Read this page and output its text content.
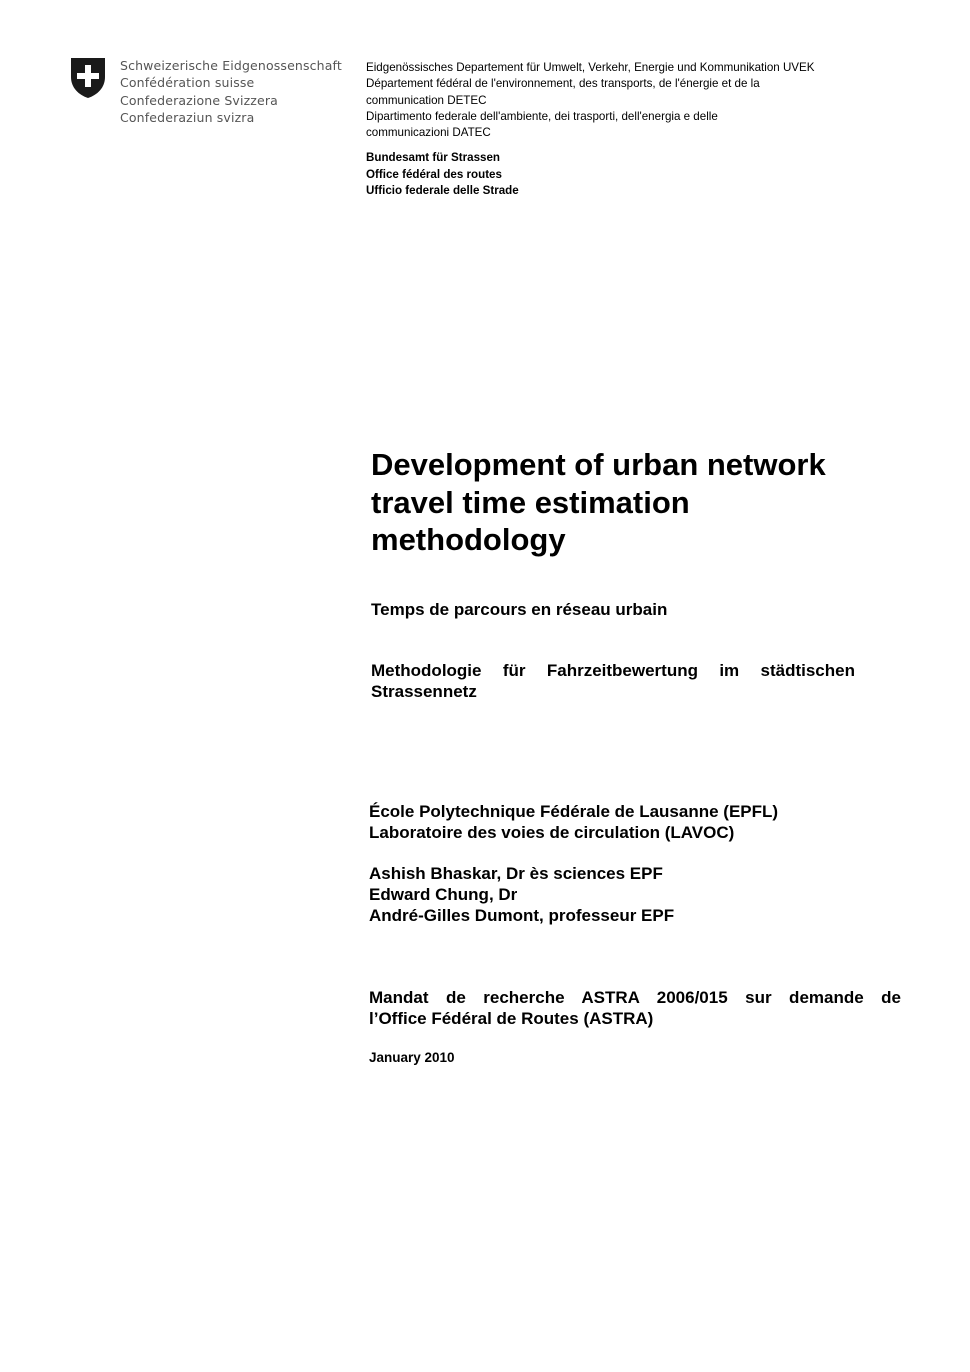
Schweizerische Eidgenossenschaft
Confédération suisse
Confederazione Svizzera
Confederaziun svizra
Eidgenössisches Departement für Umwelt, Verkehr, Energie und Kommunikation UVEK
Département fédéral de l'environnement, des transports, de l'énergie et de la
communication DETEC
Dipartimento federale dell'ambiente, dei trasporti, dell'energia e delle
communicazioni DATEC
Bundesamt für Strassen
Office fédéral des routes
Ufficio federale delle Strade
Development of urban network
travel time estimation
methodology
Temps de parcours en réseau urbain
Methodologie für Fahrzeitbewertung im städtischen
Strassennetz
École Polytechnique Fédérale de Lausanne (EPFL)
Laboratoire des voies de circulation (LAVOC)
Ashish Bhaskar, Dr ès sciences EPF
Edward Chung, Dr
André-Gilles Dumont, professeur EPF
Mandat de recherche ASTRA 2006/015 sur demande de
l’Office Fédéral de Routes (ASTRA)
January 2010
